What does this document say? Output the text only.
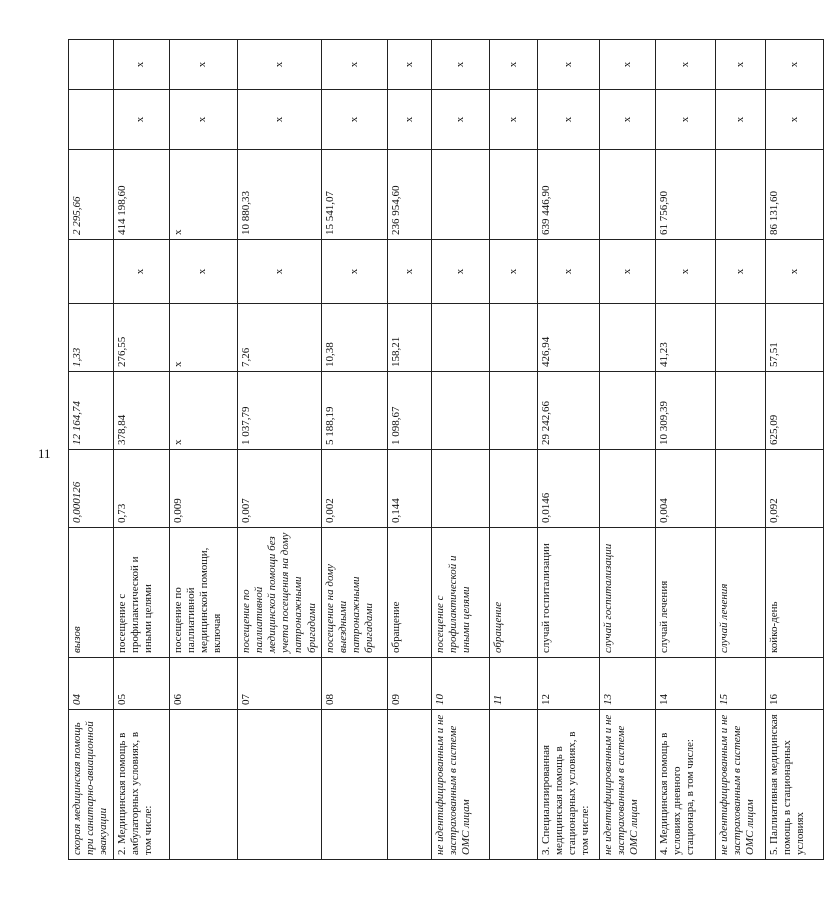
11
скорая медицинская помощь при санитарно-авиационной эвакуации	04	вызов	0,000126	12 164,74	1,33		2 295,66		
2. Медицинская помощь в амбулаторных условиях, в том числе:	05	посещение с профилактической и иными целями	0,73	378,84	276,55	х	414 198,60	х	х
	06	посещение по паллиативной медицинской помощи, включая	0,009	х	х	х	х	х	х
	07	посещение по паллиативной медицинской помощи без учета посещения на дому патронажными бригадами	0,007	1 037,79	7,26	х	10 880,33	х	х
	08	посещение на дому выездными патронажными бригадами	0,002	5 188,19	10,38	х	15 541,07	х	х
	09	обращение	0,144	1 098,67	158,21	х	236 954,60	х	х
не идентифицированным и не застрахованным в системе ОМС лицам	10	посещение с профилактической и иными целями				х		х	х
	11	обращение				х		х	х
3. Специализированная медицинская помощь в стационарных условиях, в том числе:	12	случай госпитализации	0,0146	29 242,66	426,94	х	639 446,90	х	х
не идентифицированным и не застрахованным в системе ОМС лицам	13	случай госпитализации				х		х	х
4. Медицинская помощь в условиях дневного стационара, в том числе:	14	случай лечения	0,004	10 309,39	41,23	х	61 756,90	х	х
не идентифицированным и не застрахованным в системе ОМС лицам	15	случай лечения				х		х	х
5. Паллиативная медицинская помощь в стационарных условиях	16	койко-день	0,092	625,09	57,51	х	86 131,60	х	х
